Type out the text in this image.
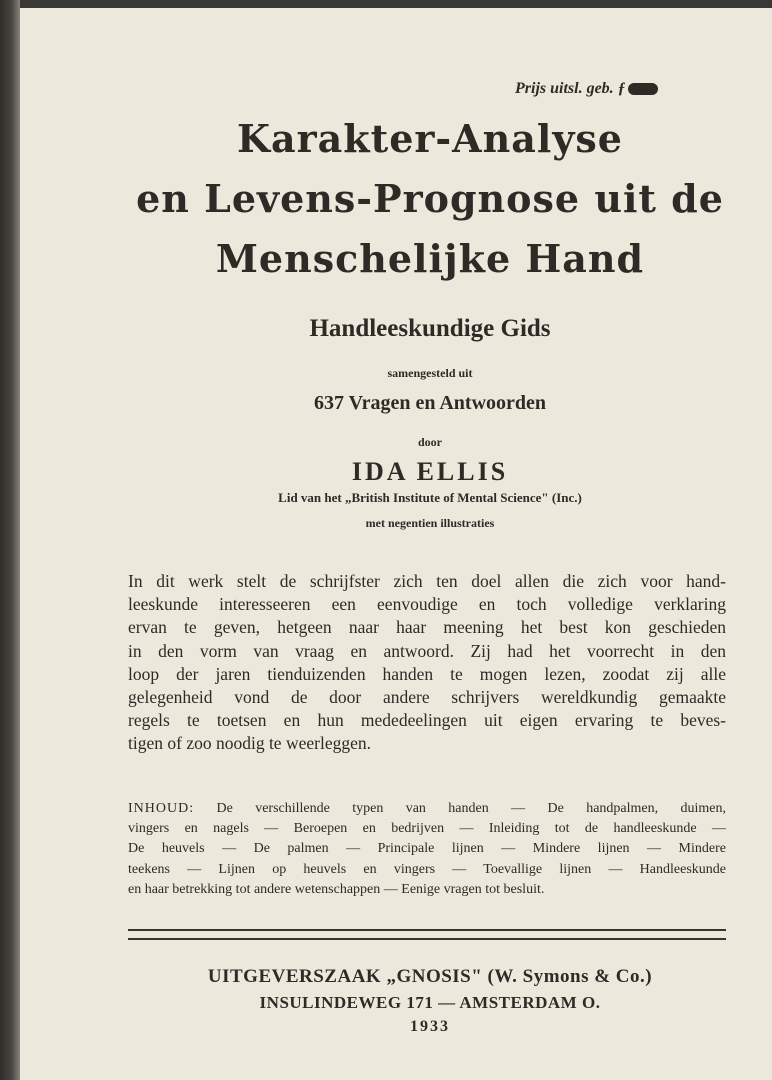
Prijs uitsl. geb. ƒ
Karakter-Analyse
en Levens-Prognose uit de
Menschelijke Hand
Handleeskundige Gids
samengesteld uit
637 Vragen en Antwoorden
door
IDA ELLIS
Lid van het „British Institute of Mental Science" (Inc.)
met negentien illustraties
In dit werk stelt de schrijfster zich ten doel allen die zich voor hand-
leeskunde interesseeren een eenvoudige en toch volledige verklaring
ervan te geven, hetgeen naar haar meening het best kon geschieden
in den vorm van vraag en antwoord. Zij had het voorrecht in den
loop der jaren tienduizenden handen te mogen lezen, zoodat zij alle
gelegenheid vond de door andere schrijvers wereldkundig gemaakte
regels te toetsen en hun mededeelingen uit eigen ervaring te beves-
tigen of zoo noodig te weerleggen.
INHOUD: De verschillende typen van handen — De handpalmen, duimen,
vingers en nagels — Beroepen en bedrijven — Inleiding tot de handleeskunde —
De heuvels — De palmen — Principale lijnen — Mindere lijnen — Mindere
teekens — Lijnen op heuvels en vingers — Toevallige lijnen — Handleeskunde
en haar betrekking tot andere wetenschappen — Eenige vragen tot besluit.
UITGEVERSZAAK „GNOSIS" (W. Symons & Co.)
INSULINDEWEG 171 — AMSTERDAM O.
1933
